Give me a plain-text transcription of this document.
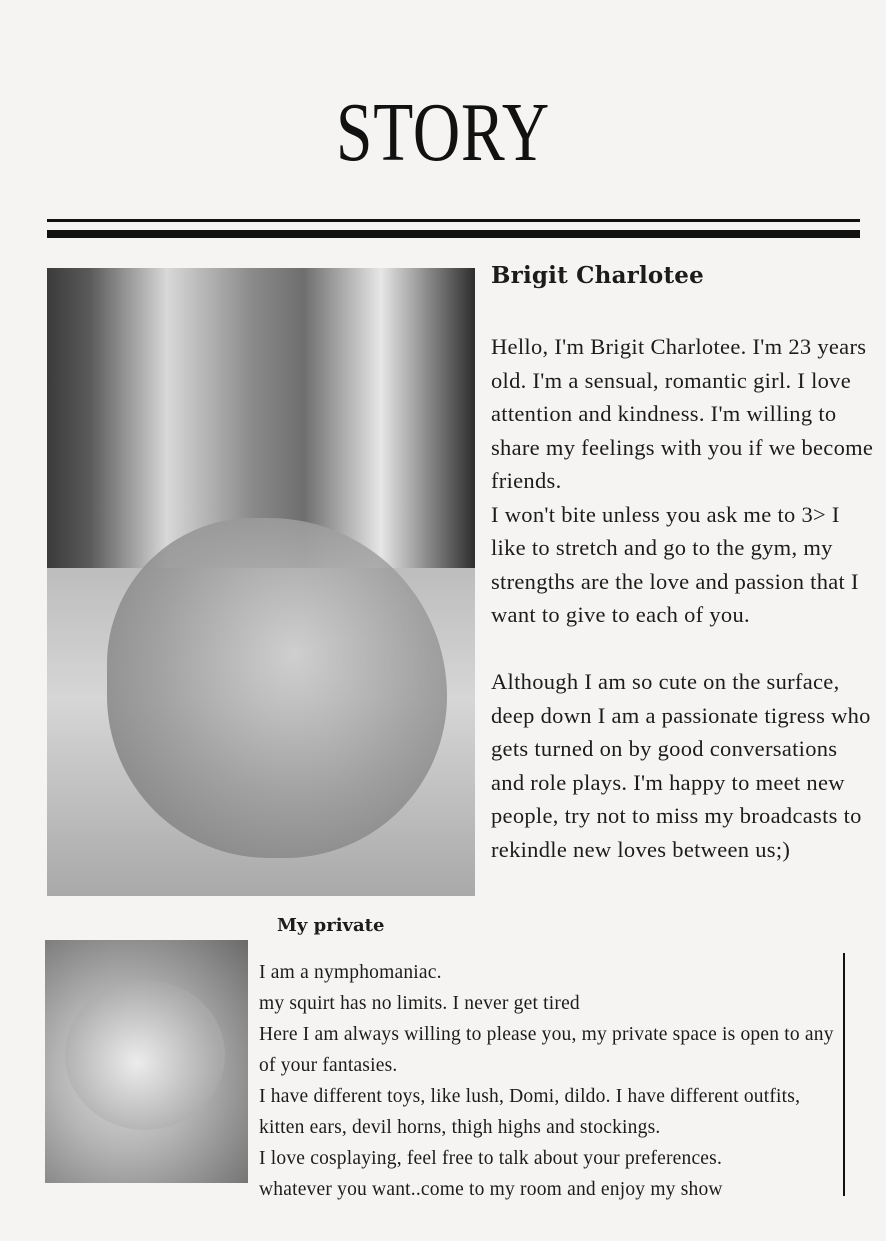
STORY
Brigit Charlotee
Hello, I'm Brigit Charlotee. I'm 23 years old. I'm a sensual, romantic girl. I love attention and kindness. I'm willing to share my feelings with you if we become friends.
I won't bite unless you ask me to 3> I like to stretch and go to the gym, my strengths are the love and passion that I want to give to each of you.

Although I am so cute on the surface, deep down I am a passionate tigress who gets turned on by good conversations and role plays. I'm happy to meet new people, try not to miss my broadcasts to rekindle new loves between us;)
My private
I am a nymphomaniac.
my squirt has no limits. I never get tired
Here I am always willing to please you, my private space is open to any of your fantasies.
I have different toys, like lush, Domi, dildo. I have different outfits, kitten ears, devil horns, thigh highs and stockings.
I love cosplaying, feel free to talk about your preferences.
whatever you want..come to my room and enjoy my show
